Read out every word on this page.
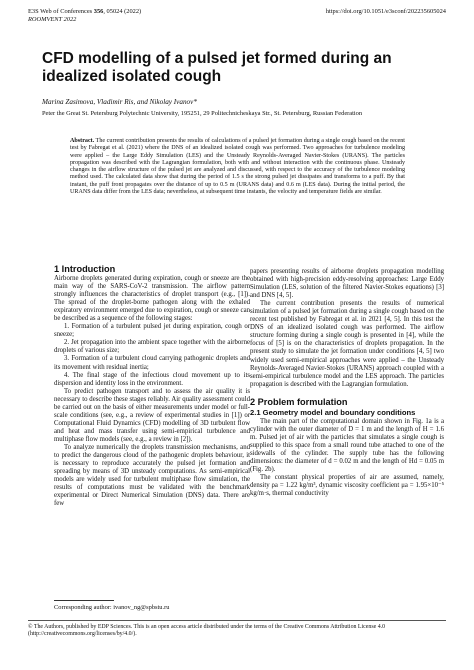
E3S Web of Conferences 356, 05024 (2022)
ROOMVENT 2022
https://doi.org/10.1051/e3sconf/202235605024
CFD modelling of a pulsed jet formed during an idealized isolated cough
Marina Zasimova, Vladimir Ris, and Nikolay Ivanov*
Peter the Great St. Petersburg Polytechnic University, 195251, 29 Politechnicheskaya Str., St. Petersburg, Russian Federation

Abstract. The current contribution presents the results of calculations of a pulsed jet formation during a single cough based on the recent test by Fabregat et al. (2021) where the DNS of an idealized isolated cough was performed. Two approaches for turbulence modeling were applied – the Large Eddy Simulation (LES) and the Unsteady Reynolds-Averaged Navier-Stokes (URANS). The particles propagation was described with the Lagrangian formulation, both with and without interaction with the continuous phase. Unsteady changes in the airflow structure of the pulsed jet are analyzed and discussed, with respect to the accuracy of the turbulence modeling method used. The calculated data show that during the period of 1.5 s the strong pulsed jet dissipates and transforms to a puff. By that instant, the puff front propagates over the distance of up to 0.5 m (URANS data) and 0.6 m (LES data). During the initial period, the URANS data differ from the LES data; nevertheless, at subsequent time instants, the velocity and temperature fields are similar.

1 Introduction

Airborne droplets generated during expiration, cough or sneeze are the main way of the SARS-CoV-2 transmission. The airflow pattern strongly influences the characteristics of droplet transport (e.g., [1]). The spread of the droplet-borne pathogen along with the exhaled expiratory environment emerged due to expiration, cough or sneeze can be described as a sequence of the following stages:

1. Formation of a turbulent pulsed jet during expiration, cough or sneeze;

2. Jet propagation into the ambient space together with the airborne droplets of various size;

3. Formation of a turbulent cloud carrying pathogenic droplets and its movement with residual inertia;

4. The final stage of the infectious cloud movement up to its dispersion and identity loss in the environment.

To predict pathogen transport and to assess the air quality it is necessary to describe these stages reliably. Air quality assessment could be carried out on the basis of either measurements under model or full-scale conditions (see, e.g., a review of experimental studies in [1]) or Computational Fluid Dynamics (CFD) modelling of 3D turbulent flow and heat and mass transfer using semi-empirical turbulence and multiphase flow models (see, e.g., a review in [2]).

To analyze numerically the droplets transmission mechanisms, and to predict the dangerous cloud of the pathogenic droplets behaviour, it is necessary to reproduce accurately the pulsed jet formation and spreading by means of 3D unsteady computations. As semi-empirical models are widely used for turbulent multiphase flow simulation, the results of computations must be validated with the benchmark experimental or Direct Numerical Simulation (DNS) data. There are few

papers presenting results of airborne droplets propagation modelling obtained with high-precision eddy-resolving approaches: Large Eddy Simulation (LES, solution of the filtered Navier-Stokes equations) [3] and DNS [4, 5].

The current contribution presents the results of numerical simulation of a pulsed jet formation during a single cough based on the recent test published by Fabregat et al. in 2021 [4, 5]. In this test the DNS of an idealized isolated cough was performed. The airflow structure forming during a single cough is presented in [4], while the focus of [5] is on the characteristics of droplets propagation. In the present study to simulate the jet formation under conditions [4, 5] two widely used semi-empirical approaches were applied – the Unsteady Reynolds-Averaged Navier-Stokes (URANS) approach coupled with a semi-empirical turbulence model and the LES approach. The particles propagation is described with the Lagrangian formulation.

2 Problem formulation

2.1 Geometry model and boundary conditions

The main part of the computational domain shown in Fig. 1a is a cylinder with the outer diameter of D = 1 m and the length of H = 1.6 m. Pulsed jet of air with the particles that simulates a single cough is supplied to this space from a small round tube attached to one of the sidewalls of the cylinder. The supply tube has the following dimensions: the diameter of d = 0.02 m and the length of Hd = 0.05 m (Fig. 2b).

The constant physical properties of air are assumed, namely, density ρa = 1.22 kg/m³, dynamic viscosity coefficient μa = 1.95×10⁻⁵ kg/m·s, thermal conductivity

Corresponding author: ivanov_ng@spbstu.ru
© The Authors, published by EDP Sciences. This is an open access article distributed under the terms of the Creative Commons Attribution License 4.0 (http://creativecommons.org/licenses/by/4.0/).
